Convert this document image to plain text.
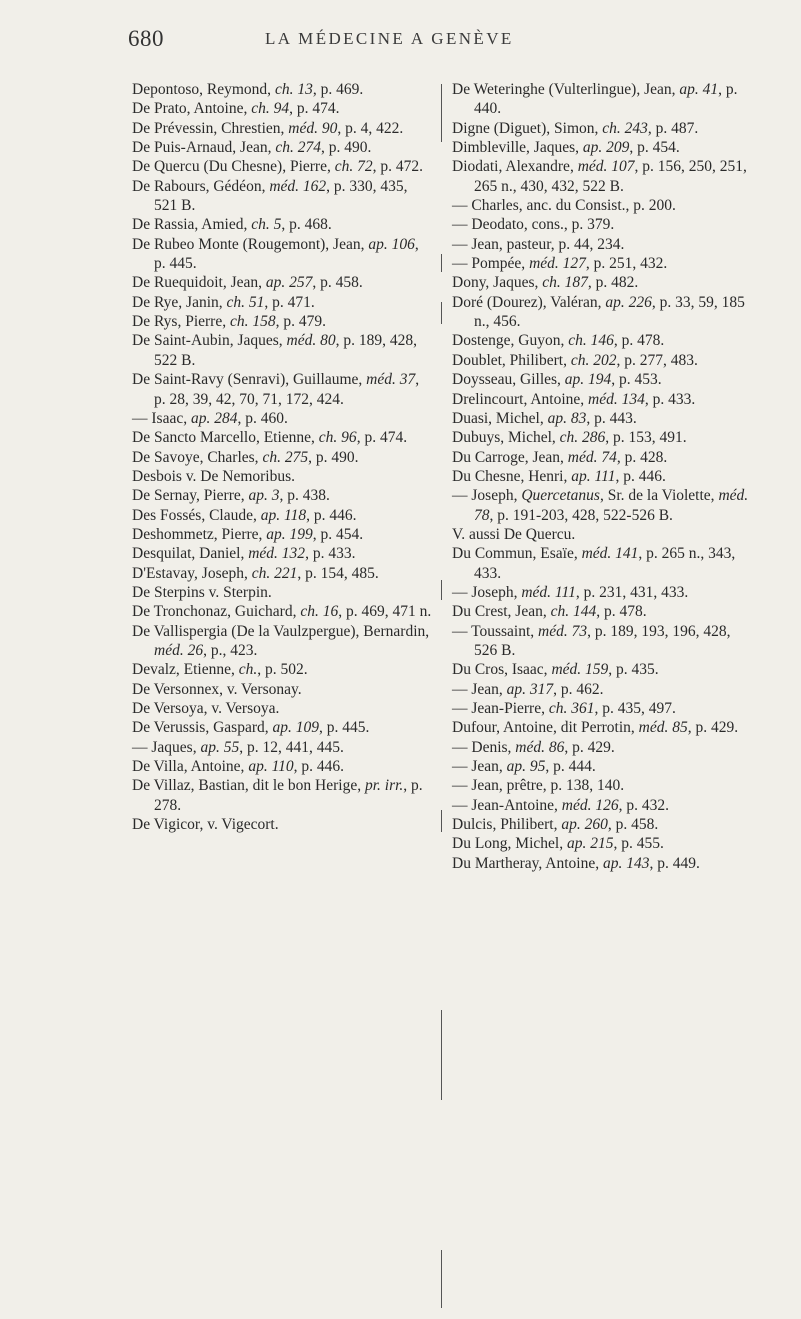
680	LA MÉDECINE A GENÈVE

Depontoso, Reymond, ch. 13, p. 469.

De Prato, Antoine, ch. 94, p. 474.

De Prévessin, Chrestien, méd. 90, p. 4, 422.

De Puis-Arnaud, Jean, ch. 274, p. 490.

De Quercu (Du Chesne), Pierre, ch. 72, p. 472.

De Rabours, Gédéon, méd. 162, p. 330, 435, 521 B.

De Rassia, Amied, ch. 5, p. 468.

De Rubeo Monte (Rougemont), Jean, ap. 106, p. 445.

De Ruequidoit, Jean, ap. 257, p. 458.

De Rye, Janin, ch. 51, p. 471.

De Rys, Pierre, ch. 158, p. 479.

De Saint-Aubin, Jaques, méd. 80, p. 189, 428, 522 B.

De Saint-Ravy (Senravi), Guillaume, méd. 37, p. 28, 39, 42, 70, 71, 172, 424.

— Isaac, ap. 284, p. 460.

De Sancto Marcello, Etienne, ch. 96, p. 474.

De Savoye, Charles, ch. 275, p. 490.

Desbois v. De Nemoribus.

De Sernay, Pierre, ap. 3, p. 438.

Des Fossés, Claude, ap. 118, p. 446.

Deshommetz, Pierre, ap. 199, p. 454.

Desquilat, Daniel, méd. 132, p. 433.

D'Estavay, Joseph, ch. 221, p. 154, 485.

De Sterpins v. Sterpin.

De Tronchonaz, Guichard, ch. 16, p. 469, 471 n.

De Vallispergia (De la Vaulzpergue), Bernardin, méd. 26, p., 423.

Devalz, Etienne, ch., p. 502.

De Versonnex, v. Versonay.

De Versoya, v. Versoya.

De Verussis, Gaspard, ap. 109, p. 445.

— Jaques, ap. 55, p. 12, 441, 445.

De Villa, Antoine, ap. 110, p. 446.

De Villaz, Bastian, dit le bon Herige, pr. irr., p. 278.

De Vigicor, v. Vigecort.

De Weteringhe (Vulterlingue), Jean, ap. 41, p. 440.

Digne (Diguet), Simon, ch. 243, p. 487.

Dimbleville, Jaques, ap. 209, p. 454.

Diodati, Alexandre, méd. 107, p. 156, 250, 251, 265 n., 430, 432, 522 B.

— Charles, anc. du Consist., p. 200.

— Deodato, cons., p. 379.

— Jean, pasteur, p. 44, 234.

— Pompée, méd. 127, p. 251, 432.

Dony, Jaques, ch. 187, p. 482.

Doré (Dourez), Valéran, ap. 226, p. 33, 59, 185 n., 456.

Dostenge, Guyon, ch. 146, p. 478.

Doublet, Philibert, ch. 202, p. 277, 483.

Doysseau, Gilles, ap. 194, p. 453.

Drelincourt, Antoine, méd. 134, p. 433.

Duasi, Michel, ap. 83, p. 443.

Dubuys, Michel, ch. 286, p. 153, 491.

Du Carroge, Jean, méd. 74, p. 428.

Du Chesne, Henri, ap. 111, p. 446.

— Joseph, Quercetanus, Sr. de la Violette, méd. 78, p. 191-203, 428, 522-526 B.

V. aussi De Quercu.

Du Commun, Esaïe, méd. 141, p. 265 n., 343, 433.

— Joseph, méd. 111, p. 231, 431, 433.

Du Crest, Jean, ch. 144, p. 478.

— Toussaint, méd. 73, p. 189, 193, 196, 428, 526 B.

Du Cros, Isaac, méd. 159, p. 435.

— Jean, ap. 317, p. 462.

— Jean-Pierre, ch. 361, p. 435, 497.

Dufour, Antoine, dit Perrotin, méd. 85, p. 429.

— Denis, méd. 86, p. 429.

— Jean, ap. 95, p. 444.

— Jean, prêtre, p. 138, 140.

— Jean-Antoine, méd. 126, p. 432.

Dulcis, Philibert, ap. 260, p. 458.

Du Long, Michel, ap. 215, p. 455.

Du Martheray, Antoine, ap. 143, p. 449.
